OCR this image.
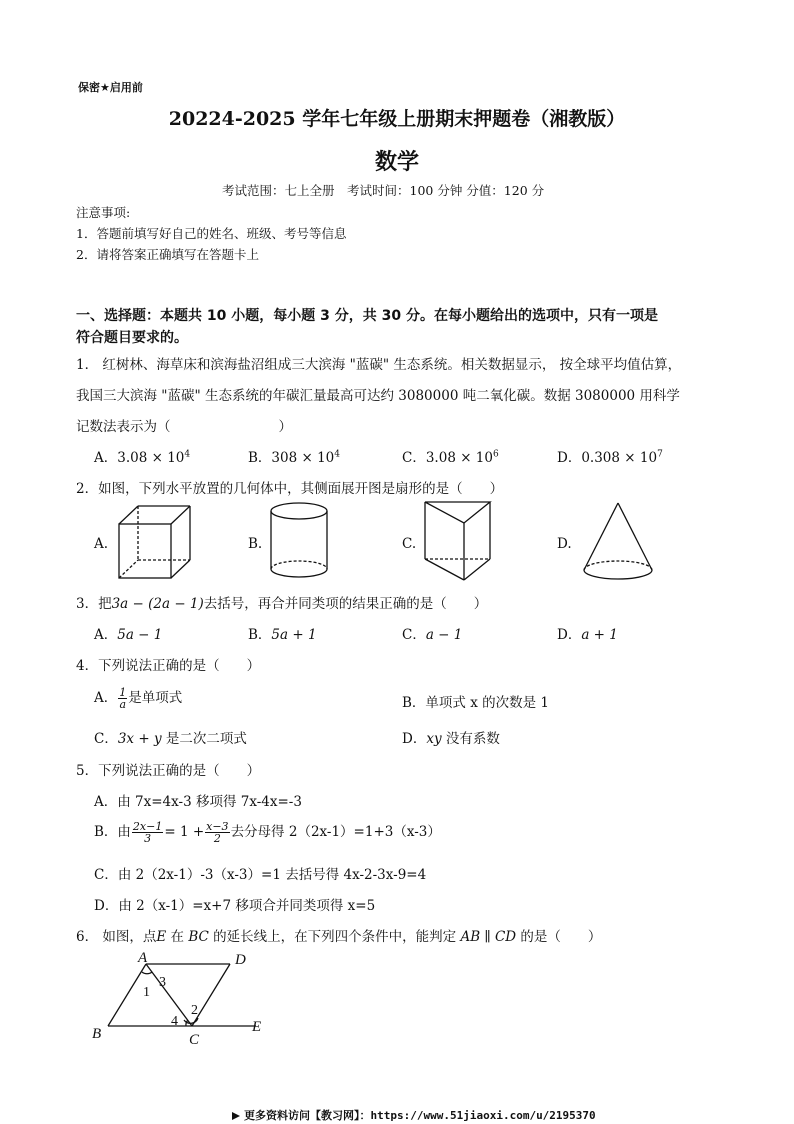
保密★启用前
20224-2025 学年七年级上册期末押题卷（湘教版）
数学
考试范围：七上全册　考试时间：100 分钟 分值：120 分
注意事项:
1．答题前填写好自己的姓名、班级、考号等信息
2．请将答案正确填写在答题卡上
一、选择题：本题共 10 小题，每小题 3 分，共 30 分。在每小题给出的选项中，只有一项是
符合题目要求的。
1． 红树林、海草床和滨海盐沼组成三大滨海 "蓝碳" 生态系统。相关数据显示， 按全球平均值估算，
我国三大滨海 "蓝碳" 生态系统的年碳汇量最高可达约 3080000 吨二氧化碳。数据 3080000 用科学
记数法表示为（　　　　　　　　）
A．$3.08 \times 10^4$	B．$308 \times 10^4$	C．$3.08 \times 10^6$	D．$0.308 \times 10^7$
2．如图，下列水平放置的几何体中，其侧面展开图是扇形的是（　　）
A.	B.	C.	D.
3．把3a − (2a − 1)去括号，再合并同类项的结果正确的是（　　）
A．5a − 1	B．5a + 1	C．a − 1	D．a + 1
4．下列说法正确的是（　　）
A． $\frac{1}{a}$ 是单项式	B．单项式 x 的次数是 1
C．3x + y 是二次二项式	D．xy 没有系数
5．下列说法正确的是（　　）
A．由 7x=4x-3 移项得 7x-4x=-3
B．由 $\frac{2x-1}{3} = 1 + \frac{x-3}{2}$ 去分母得 2（2x-1）=1+3（x-3）
C．由 2（2x-1）-3（x-3）=1 去括号得 4x-2-3x-9=4
D．由 2（x-1）=x+7 移项合并同类项得 x=5
6． 如图，点E 在 BC 的延长线上，在下列四个条件中，能判定 AB ∥ CD 的是（　　）
A	D
B	C
E
1
3
2
4
更多资料访问【教习网】：https://www.51jiaoxi.com/u/2195370
